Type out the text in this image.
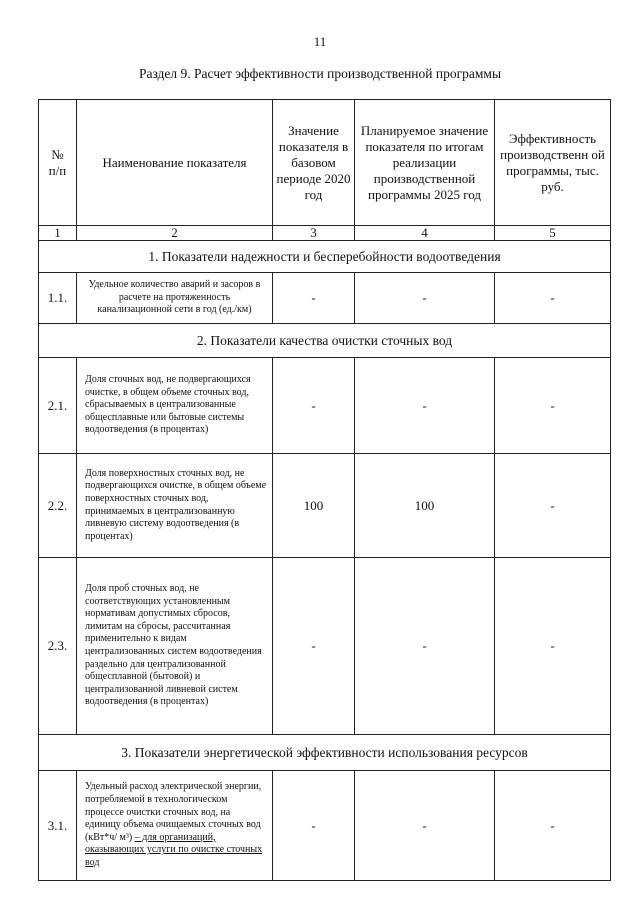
11
Раздел 9. Расчет эффективности производственной программы
№ п/п	Наименование показателя	Значение показателя в базовом периоде 2020 год	Планируемое значение показателя по итогам реализации производственной программы 2025 год	Эффективность производственн ой программы, тыс. руб.
1	2	3	4	5
1. Показатели надежности и бесперебойности водоотведения				
1.1.	Удельное количество аварий и засоров в расчете на протяженность канализационной сети в год (ед./км)	-	-	-
2. Показатели качества очистки сточных вод				
2.1.	Доля сточных вод, не подвергающихся очистке, в общем объеме сточных вод, сбрасываемых в централизованные общесплавные или бытовые системы водоотведения (в процентах)	-	-	-
2.2.	Доля поверхностных сточных вод, не подвергающихся очистке, в общем объеме поверхностных сточных вод, принимаемых в централизованную ливневую систему водоотведения (в процентах)	100	100	-
2.3.	Доля проб сточных вод, не соответствующих установленным нормативам допустимых сбросов, лимитам на сбросы, рассчитанная применительно к видам централизованных систем водоотведения раздельно для централизованной общесплавной (бытовой) и централизованной ливневой систем водоотведения (в процентах)	-	-	-
3. Показатели энергетической эффективности использования ресурсов				
3.1.	Удельный расход электрической энергии, потребляемой в технологическом процессе очистки сточных вод, на единицу объема очищаемых сточных вод (кВт*ч/ м³) – для организаций, оказывающих услуги по очистке сточных вод	-	-	-
